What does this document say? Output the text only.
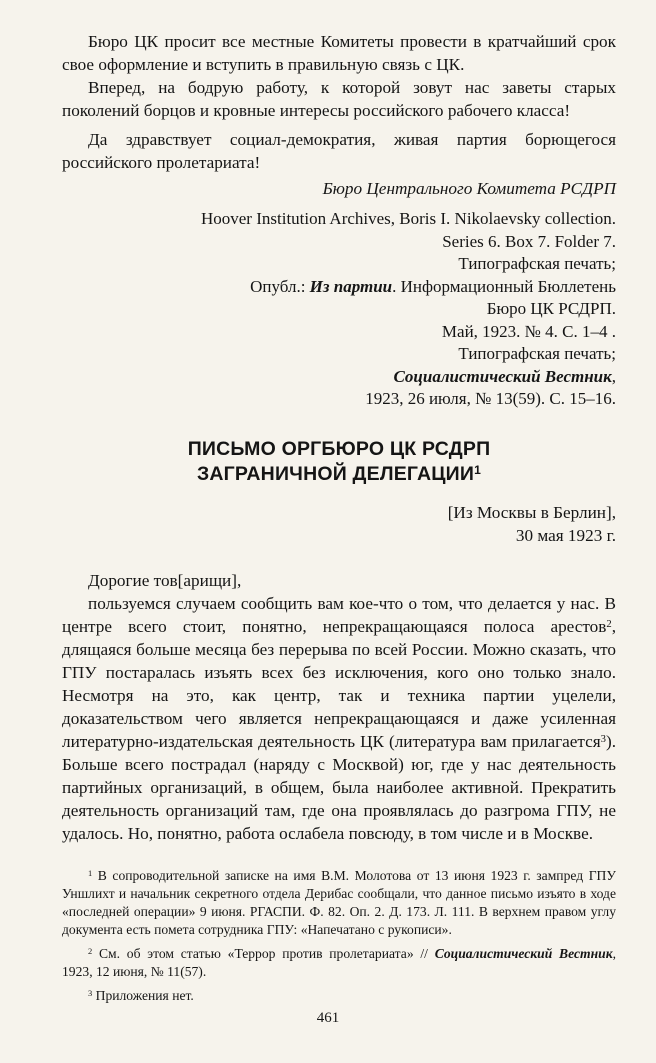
Бюро ЦК просит все местные Комитеты провести в кратчайший срок свое оформление и вступить в правильную связь с ЦК.

Вперед, на бодрую работу, к которой зовут нас заветы старых поколений борцов и кровные интересы российского рабочего класса!

Да здравствует социал-демократия, живая партия борющегося российского пролетариата!

Бюро Центрального Комитета РСДРП
Hoover Institution Archives, Boris I. Nikolaevsky collection.
Series 6. Box 7. Folder 7.
Типографская печать;
Опубл.: Из партии. Информационный Бюллетень
Бюро ЦК РСДРП.
Май, 1923. № 4. С. 1–4 .
Типографская печать;
Социалистический Вестник,
1923, 26 июля, № 13(59). С. 15–16.
ПИСЬМО ОРГБЮРО ЦК РСДРП
ЗАГРАНИЧНОЙ ДЕЛЕГАЦИИ$^1$
[Из Москвы в Берлин],
30 мая 1923 г.
Дорогие тов[арищи],

пользуемся случаем сообщить вам кое-что о том, что делается у нас. В центре всего стоит, понятно, непрекращающаяся полоса арестов$^2$, длящаяся больше месяца без перерыва по всей России. Можно сказать, что ГПУ постаралась изъять всех без исключения, кого оно только знало. Несмотря на это, как центр, так и техника партии уцелели, доказательством чего является непрекращающаяся и даже усиленная литературно-издательская деятельность ЦК (литература вам прилагается$^3$). Больше всего пострадал (наряду с Москвой) юг, где у нас деятельность партийных организаций, в общем, была наиболее активной. Прекратить деятельность организаций там, где она проявлялась до разгрома ГПУ, не удалось. Но, понятно, работа ослабела повсюду, в том числе и в Москве.

$^1$ В сопроводительной записке на имя В.М. Молотова от 13 июня 1923 г. зампред ГПУ Уншлихт и начальник секретного отдела Дерибас сообщали, что данное письмо изъято в ходе «последней операции» 9 июня. РГАСПИ. Ф. 82. Оп. 2. Д. 173. Л. 111. В верхнем правом углу документа есть помета сотрудника ГПУ: «Напечатано с рукописи».

$^2$ См. об этом статью «Террор против пролетариата» // Социалистический Вестник, 1923, 12 июня, № 11(57).

$^3$ Приложения нет.

461
